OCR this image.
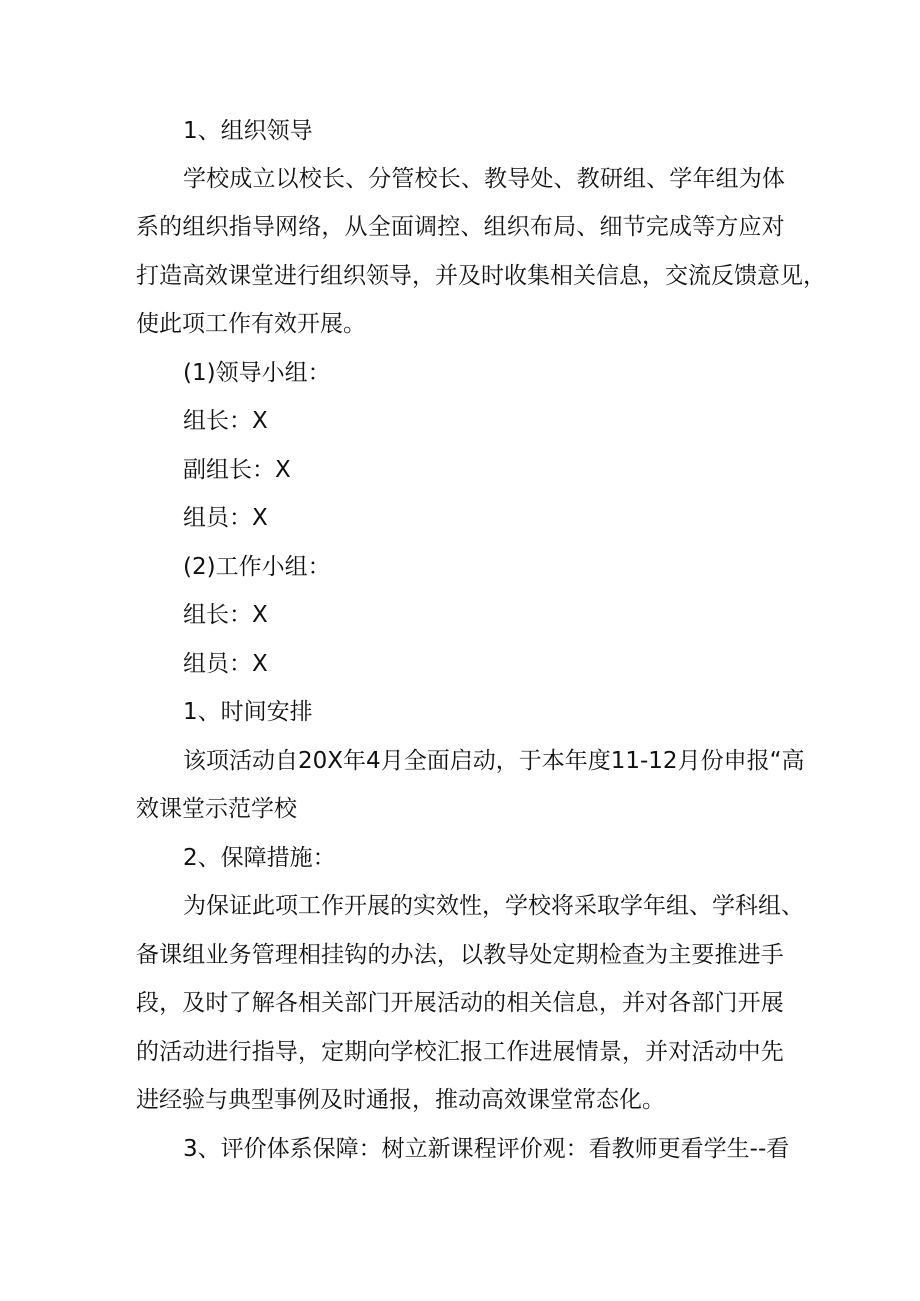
1、组织领导
学 校 成 立 以 校 长 、 分 管 校 长 、 教 导 处 、 教 研 组 、 学 年 组 为 体
系 的 组 织 指 导 网 络 ， 从 全 面 调 控 、 组 织 布 局 、 细 节 完 成 等 方 应 对
打 造 高 效 课 堂 进 行 组 织 领 导 ， 并 及 时 收 集 相 关 信 息 ， 交 流 反 馈 意 见 ，
使此项工作有效开展。
(1)领导小组：
组长：X
副组长：X
组员：X
(2)工作小组：
组长：X
组员：X
1、时间安排
该 项 活 动 自 2 0 X 年 4 月 全 面 启 动 ， 于 本 年 度 1 1 - 1 2 月 份 申 报 “ 高
效课堂示范学校
2、保障措施：
为 保 证 此 项 工 作 开 展 的 实 效 性 ， 学 校 将 采 取 学 年 组 、 学 科 组 、
备 课 组 业 务 管 理 相 挂 钩 的 办 法 ， 以 教 导 处 定 期 检 查 为 主 要 推 进 手
段 ， 及 时 了 解 各 相 关 部 门 开 展 活 动 的 相 关 信 息 ， 并 对 各 部 门 开 展
的 活 动 进 行 指 导 ， 定 期 向 学 校 汇 报 工 作 进 展 情 景 ， 并 对 活 动 中 先
进经验与典型事例及时通报，推动高效课堂常态化。
3 、 评 价 体 系 保 障 ： 树 立 新 课 程 评 价 观 ： 看 教 师 更 看 学 生 - - 看
